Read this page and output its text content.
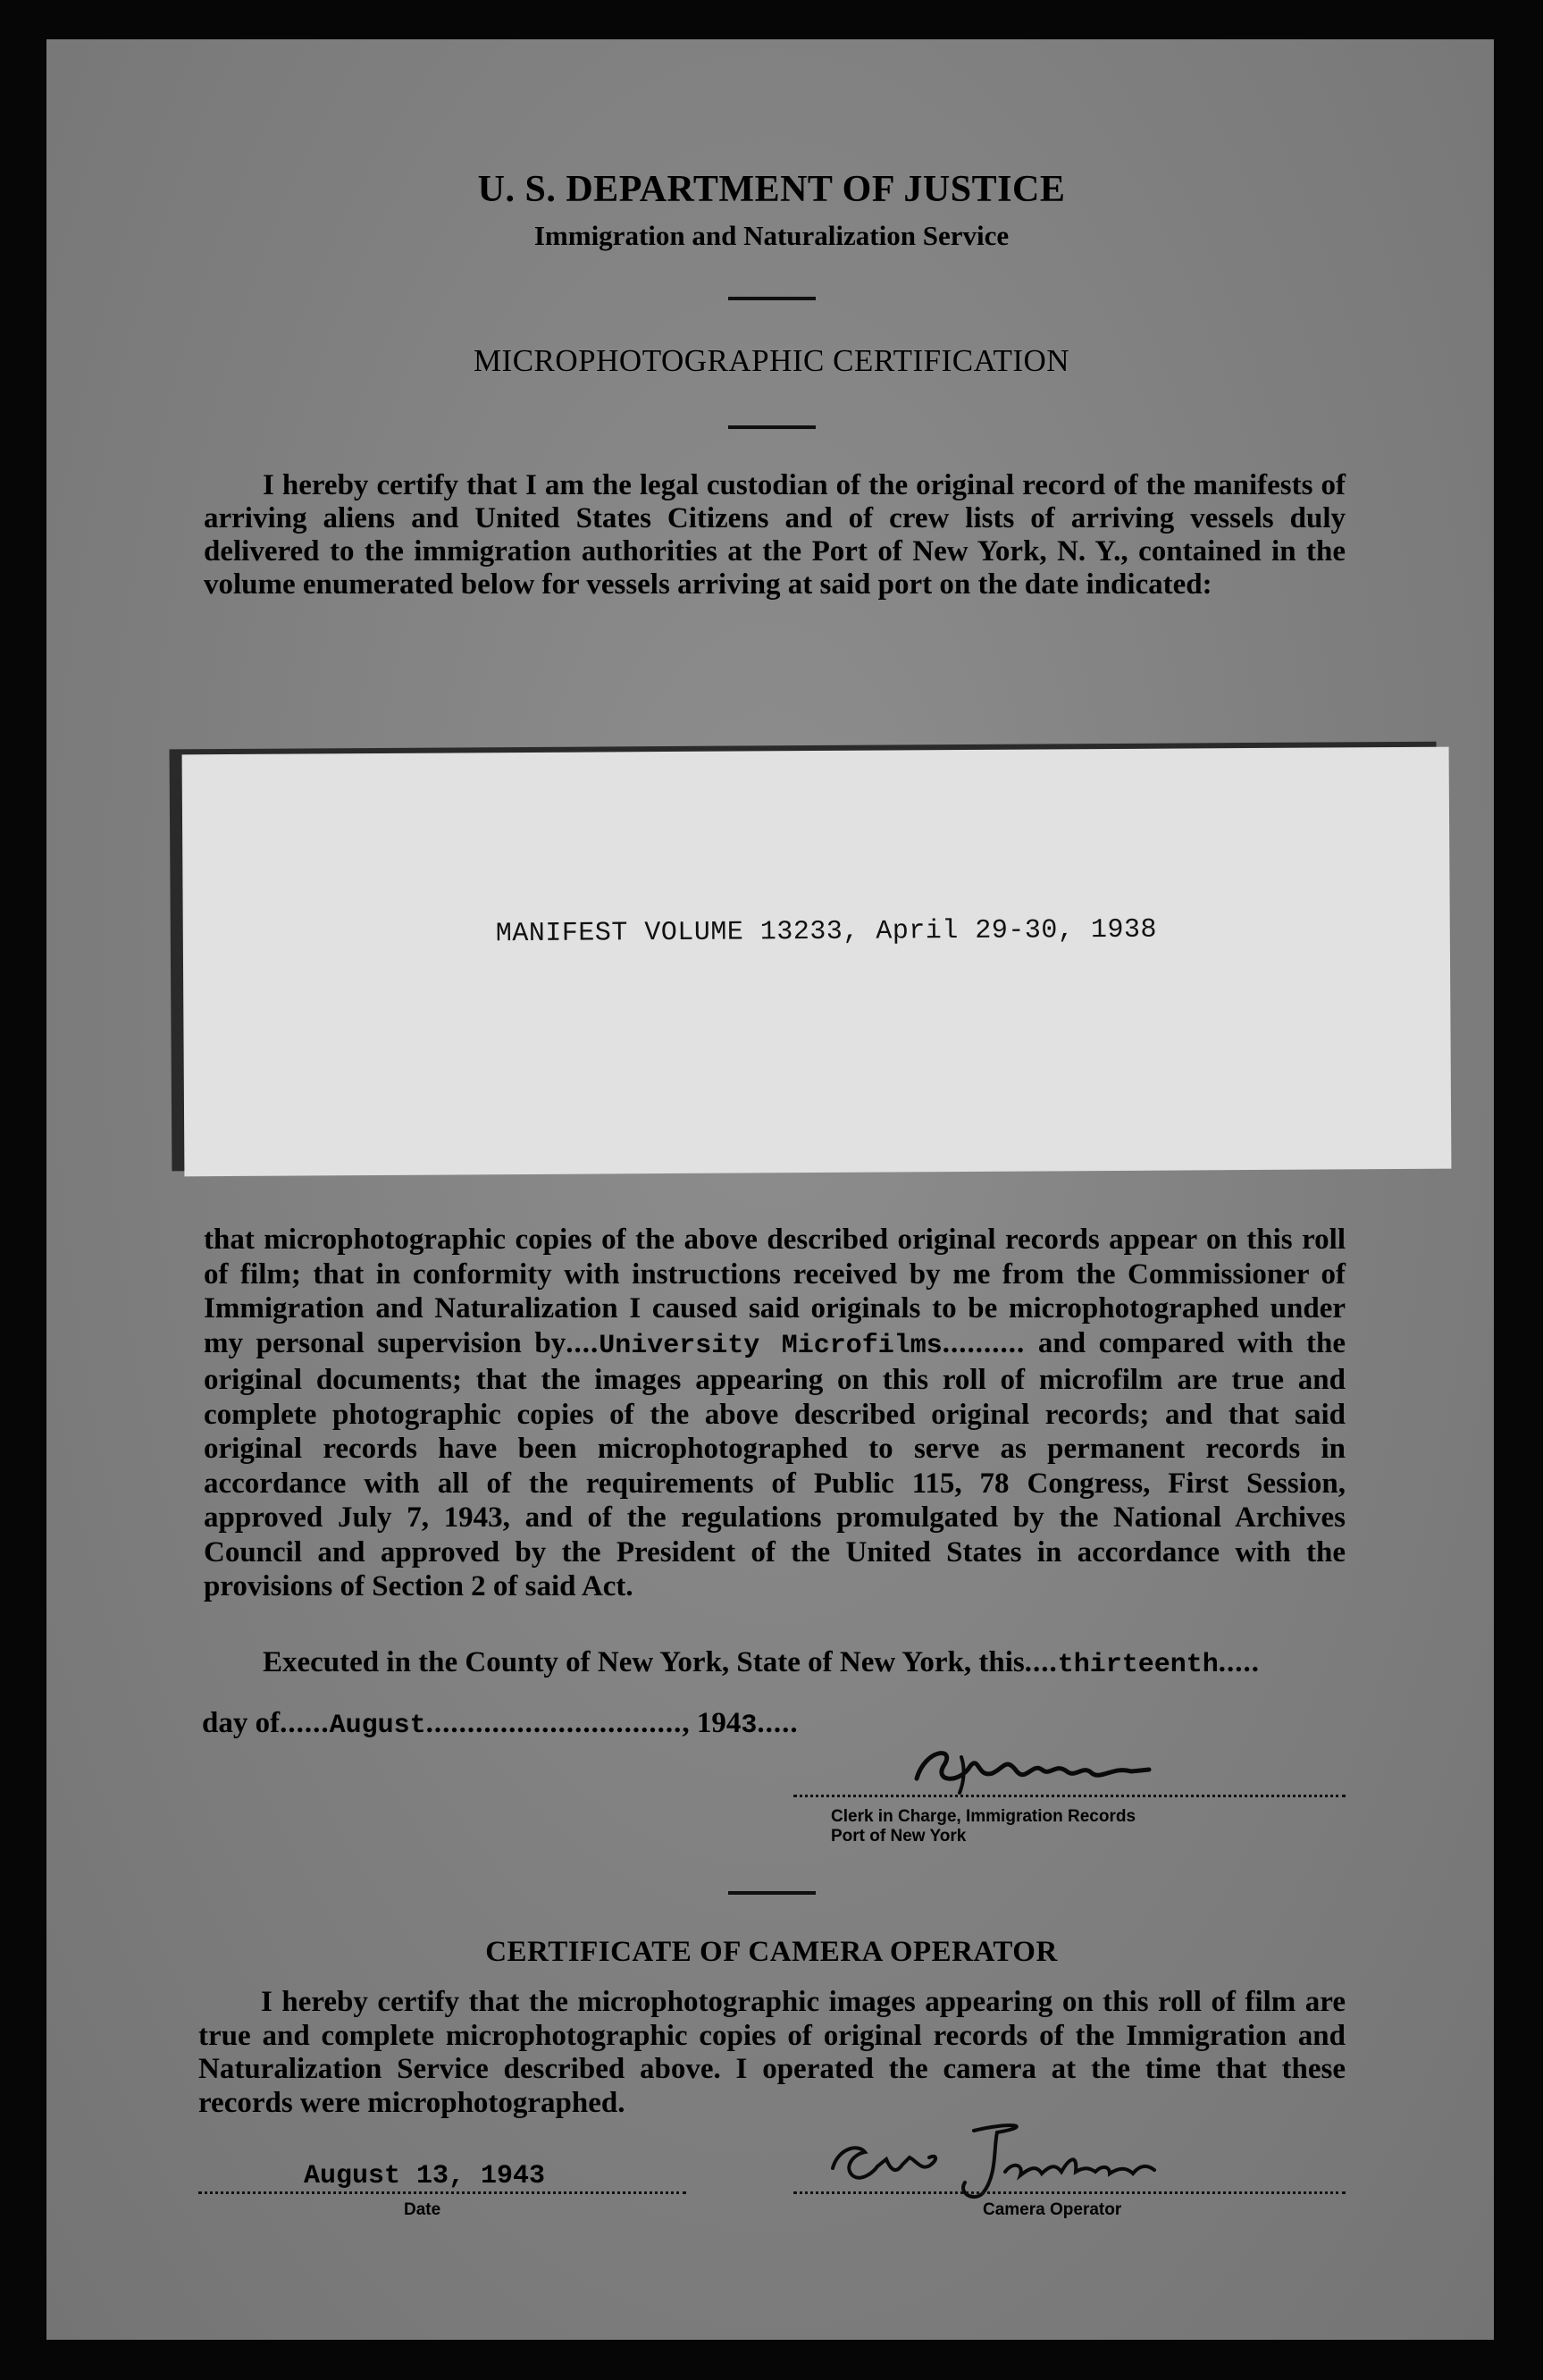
U. S. DEPARTMENT OF JUSTICE
Immigration and Naturalization Service
MICROPHOTOGRAPHIC CERTIFICATION
I hereby certify that I am the legal custodian of the original record of the manifests of arriving aliens and United States Citizens and of crew lists of arriving vessels duly delivered to the immigration authorities at the Port of New York, N. Y., contained in the volume enumerated below for vessels arriving at said port on the date indicated:
MANIFEST VOLUME 13233, April 29-30, 1938
that microphotographic copies of the above described original records appear on this roll of film; that in conformity with instructions received by me from the Commissioner of Immigration and Naturalization I caused said originals to be microphotographed under my personal supervision by....University Microfilms.......... and compared with the original documents; that the images appearing on this roll of microfilm are true and complete photographic copies of the above described original records; and that said original records have been microphotographed to serve as permanent records in accordance with all of the requirements of Public 115, 78 Congress, First Session, approved July 7, 1943, and of the regulations promulgated by the National Archives Council and approved by the President of the United States in accordance with the provisions of Section 2 of said Act.
Executed in the County of New York, State of New York, this....thirteenth.....
day of......August..............................., 1943.....
Clerk in Charge, Immigration Records
Port of New York
CERTIFICATE OF CAMERA OPERATOR
I hereby certify that the microphotographic images appearing on this roll of film are true and complete microphotographic copies of original records of the Immigration and Naturalization Service described above. I operated the camera at the time that these records were microphotographed.
August 13, 1943
Date	Camera Operator
